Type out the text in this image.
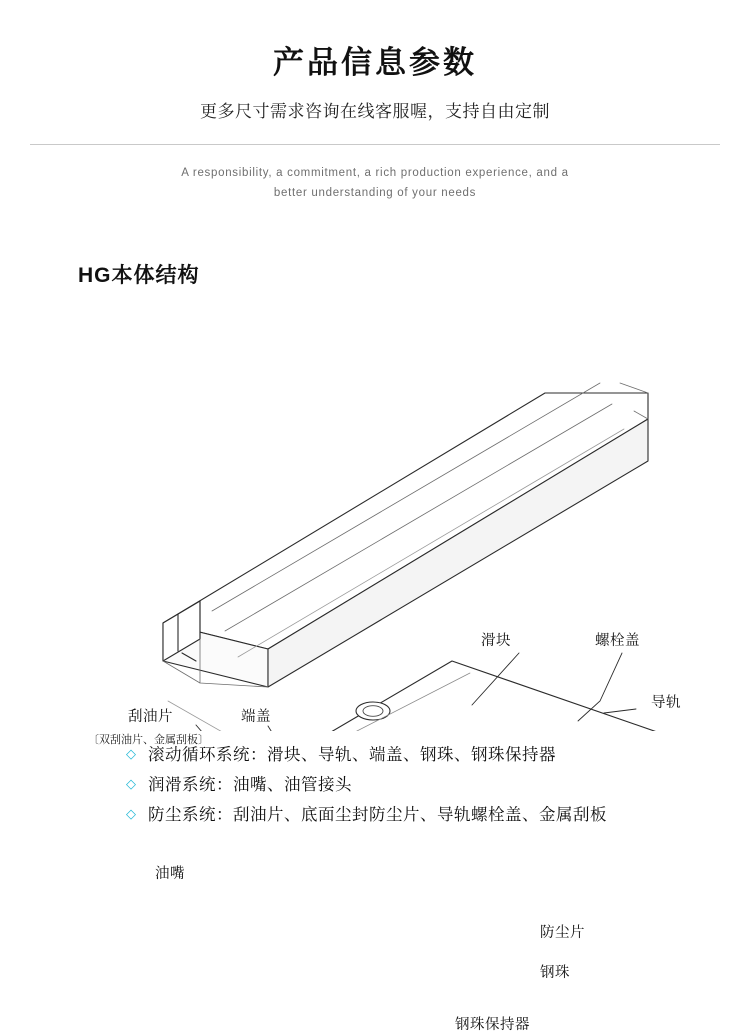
产品信息参数
更多尺寸需求咨询在线客服喔，支持自由定制
A responsibility, a commitment, a rich production experience, and a
better understanding of your needs
HG本体结构
滑块	螺栓盖
导轨
端盖
刮油片
〔双刮油片、金属刮板〕
油嘴
防尘片
钢珠
钢珠保持器
◇ 滚动循环系统：滑块、导轨、端盖、钢珠、钢珠保持器
◇ 润滑系统：油嘴、油管接头
◇ 防尘系统：刮油片、底面尘封防尘片、导轨螺栓盖、金属刮板
